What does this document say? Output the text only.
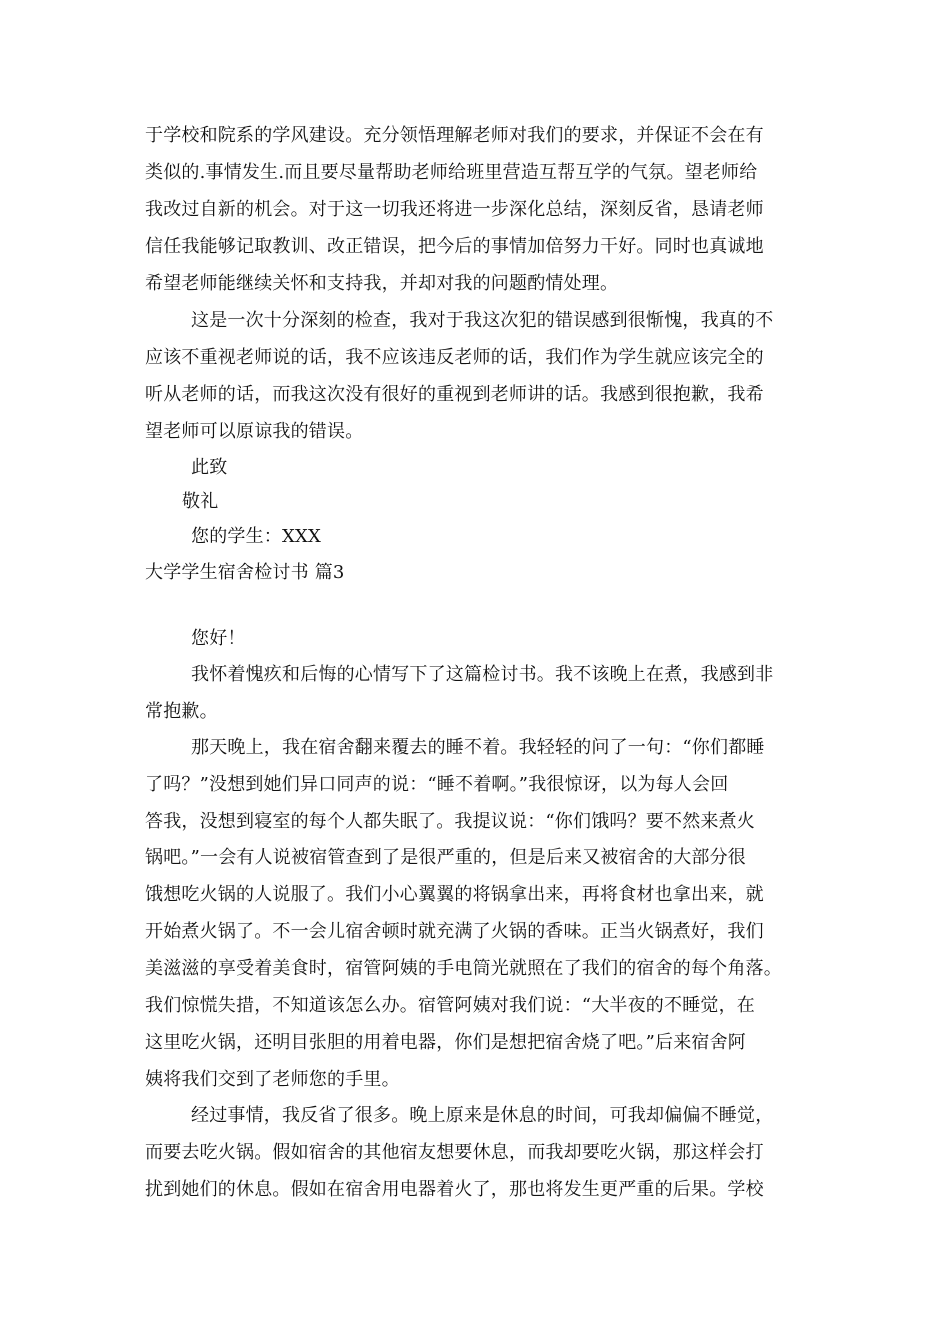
于学校和院系的学风建设。充分领悟理解老师对我们的要求，并保证不会在有
类似的.事情发生.而且要尽量帮助老师给班里营造互帮互学的气氛。望老师给
我改过自新的机会。对于这一切我还将进一步深化总结，深刻反省，恳请老师
信任我能够记取教训、改正错误，把今后的事情加倍努力干好。同时也真诚地
希望老师能继续关怀和支持我，并却对我的问题酌情处理。
这是一次十分深刻的检查，我对于我这次犯的错误感到很惭愧，我真的不
应该不重视老师说的话，我不应该违反老师的话，我们作为学生就应该完全的
听从老师的话，而我这次没有很好的重视到老师讲的话。我感到很抱歉，我希
望老师可以原谅我的错误。
此致
敬礼
您的学生：XXX
大学学生宿舍检讨书 篇3
您好！
我怀着愧疚和后悔的心情写下了这篇检讨书。我不该晚上在煮，我感到非
常抱歉。
那天晚上，我在宿舍翻来覆去的睡不着。我轻轻的问了一句：“你们都睡
了吗？”没想到她们异口同声的说：“睡不着啊。”我很惊讶，以为每人会回
答我，没想到寝室的每个人都失眠了。我提议说：“你们饿吗？要不然来煮火
锅吧。”一会有人说被宿管查到了是很严重的，但是后来又被宿舍的大部分很
饿想吃火锅的人说服了。我们小心翼翼的将锅拿出来，再将食材也拿出来，就
开始煮火锅了。不一会儿宿舍顿时就充满了火锅的香味。正当火锅煮好，我们
美滋滋的享受着美食时，宿管阿姨的手电筒光就照在了我们的宿舍的每个角落。
我们惊慌失措，不知道该怎么办。宿管阿姨对我们说：“大半夜的不睡觉，在
这里吃火锅，还明目张胆的用着电器，你们是想把宿舍烧了吧。”后来宿舍阿
姨将我们交到了老师您的手里。
经过事情，我反省了很多。晚上原来是休息的时间，可我却偏偏不睡觉，
而要去吃火锅。假如宿舍的其他宿友想要休息，而我却要吃火锅，那这样会打
扰到她们的休息。假如在宿舍用电器着火了，那也将发生更严重的后果。学校
